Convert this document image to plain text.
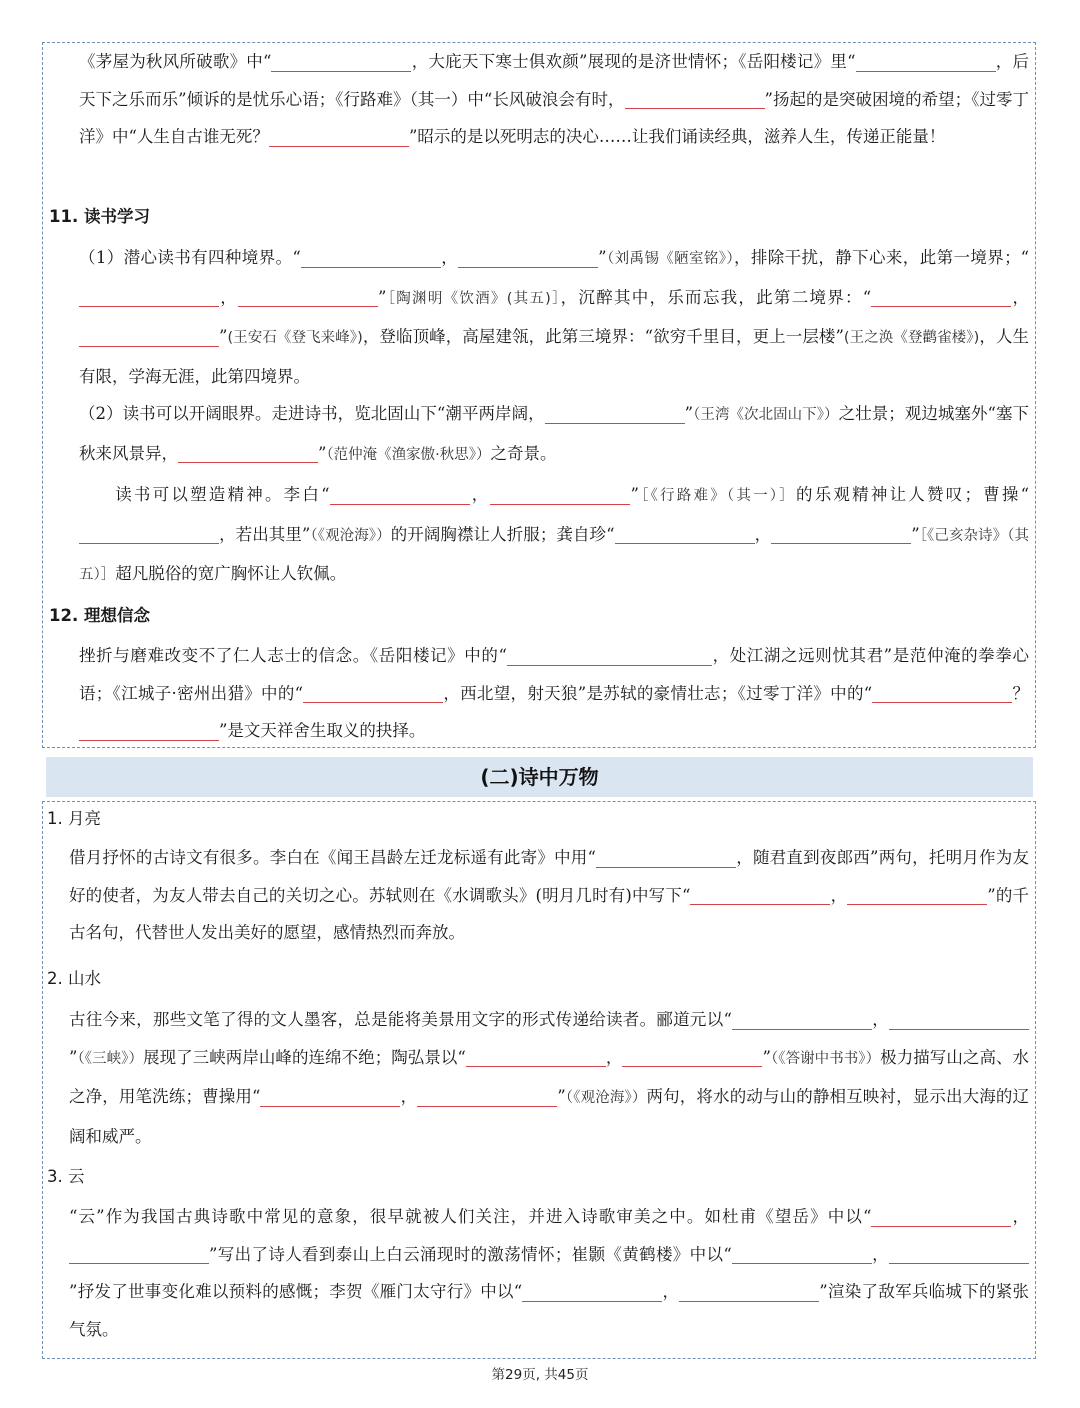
《茅屋为秋风所破歌》中“	，大庇天下寒士俱欢颜”展现的是济世情怀；《岳阳楼记》里“	，后天下之乐而乐”倾诉的是忧乐心语；《行路难》（其一）中“长风破浪会有时，	”扬起的是突破困境的希望；《过零丁洋》中“人生自古谁无死？	”昭示的是以死明志的决心……让我们诵读经典，滋养人生，传递正能量！

11. 读书学习

（1）潜心读书有四种境界。“	，	”（刘禹锡《陋室铭》），排除干扰，静下心来，此第一境界；“，	”［陶渊明《饮酒》(其五)］，沉醉其中，乐而忘我，此第二境界：“	，”(王安石《登飞来峰》)，登临顶峰，高屋建瓴，此第三境界：“欲穷千里目，更上一层楼”(王之涣《登鹳雀楼》)，人生有限，学海无涯，此第四境界。

（2）读书可以开阔眼界。走进诗书，览北固山下“潮平两岸阔，	”（王湾《次北固山下》）之壮景；观边城塞外“塞下秋来风景异，	”（范仲淹《渔家傲·秋思》）之奇景。

读书可以塑造精神。李白“	，	”［《行路难》（其一）］的乐观精神让人赞叹；曹操“，若出其里”（《观沧海》）的开阔胸襟让人折服；龚自珍“	，	”［《己亥杂诗》（其五）］超凡脱俗的宽广胸怀让人钦佩。

12. 理想信念

挫折与磨难改变不了仁人志士的信念。《岳阳楼记》中的“	，处江湖之远则忧其君”是范仲淹的拳拳心语；《江城子·密州出猎》中的“	，西北望，射天狼”是苏轼的豪情壮志；《过零丁洋》中的“	？”是文天祥舍生取义的抉择。

(二)诗中万物
1. 月亮

借月抒怀的古诗文有很多。李白在《闻王昌龄左迁龙标遥有此寄》中用“	，随君直到夜郎西”两句，托明月作为友好的使者，为友人带去自己的关切之心。苏轼则在《水调歌头》(明月几时有)中写下“	，	”的千古名句，代替世人发出美好的愿望，感情热烈而奔放。

2. 山水

古往今来，那些文笔了得的文人墨客，总是能将美景用文字的形式传递给读者。郦道元以“	，”（《三峡》）展现了三峡两岸山峰的连绵不绝；陶弘景以“	，	”（《答谢中书书》）极力描写山之高、水之净，用笔洗练；曹操用“	，	”（《观沧海》）两句，将水的动与山的静相互映衬，显示出大海的辽阔和威严。

3. 云

“云”作为我国古典诗歌中常见的意象，很早就被人们关注，并进入诗歌审美之中。如杜甫《望岳》中以“	，”写出了诗人看到泰山上白云涌现时的激荡情怀；崔颢《黄鹤楼》中以“	，”抒发了世事变化难以预料的感慨；李贺《雁门太守行》中以“	，	”渲染了敌军兵临城下的紧张气氛。

第29页, 共45页
